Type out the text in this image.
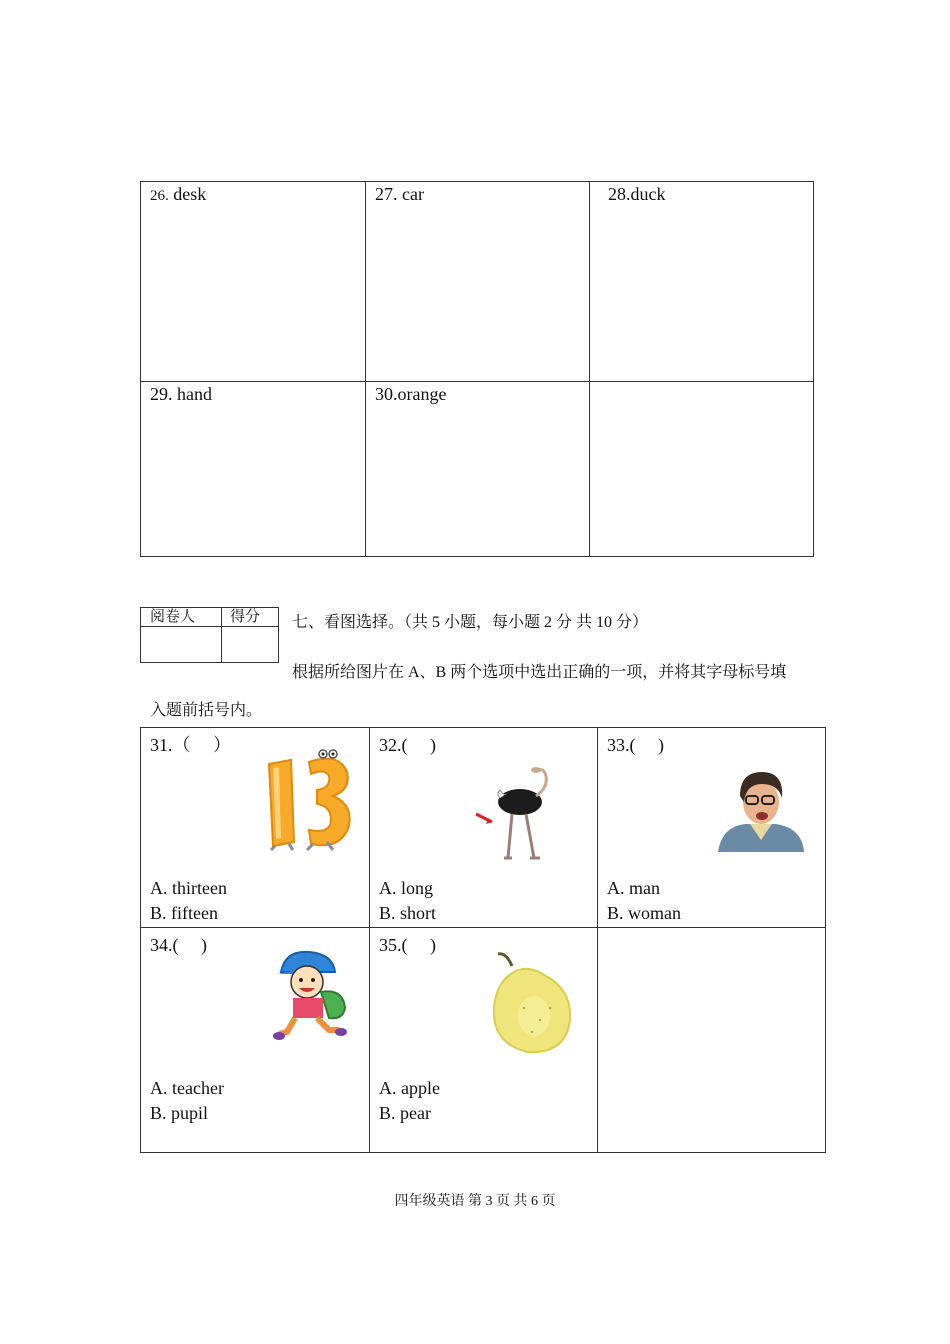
26. desk	27. car	28.duck
29. hand	30.orange
阅卷人	得分	七、看图选择。（共 5 小题，每小题 2 分 共 10 分）
根据所给图片在 A、B 两个选项中选出正确的一项，并将其字母标号填
入题前括号内。
31.（　 ）
A. thirteen
B. fifteen
32.(　 )
A. long
B. short
33.(　 )
A. man
B. woman
34.(　 )
A. teacher
B. pupil
35.(　 )
A. apple
B. pear
四年级英语 第 3 页 共 6 页
